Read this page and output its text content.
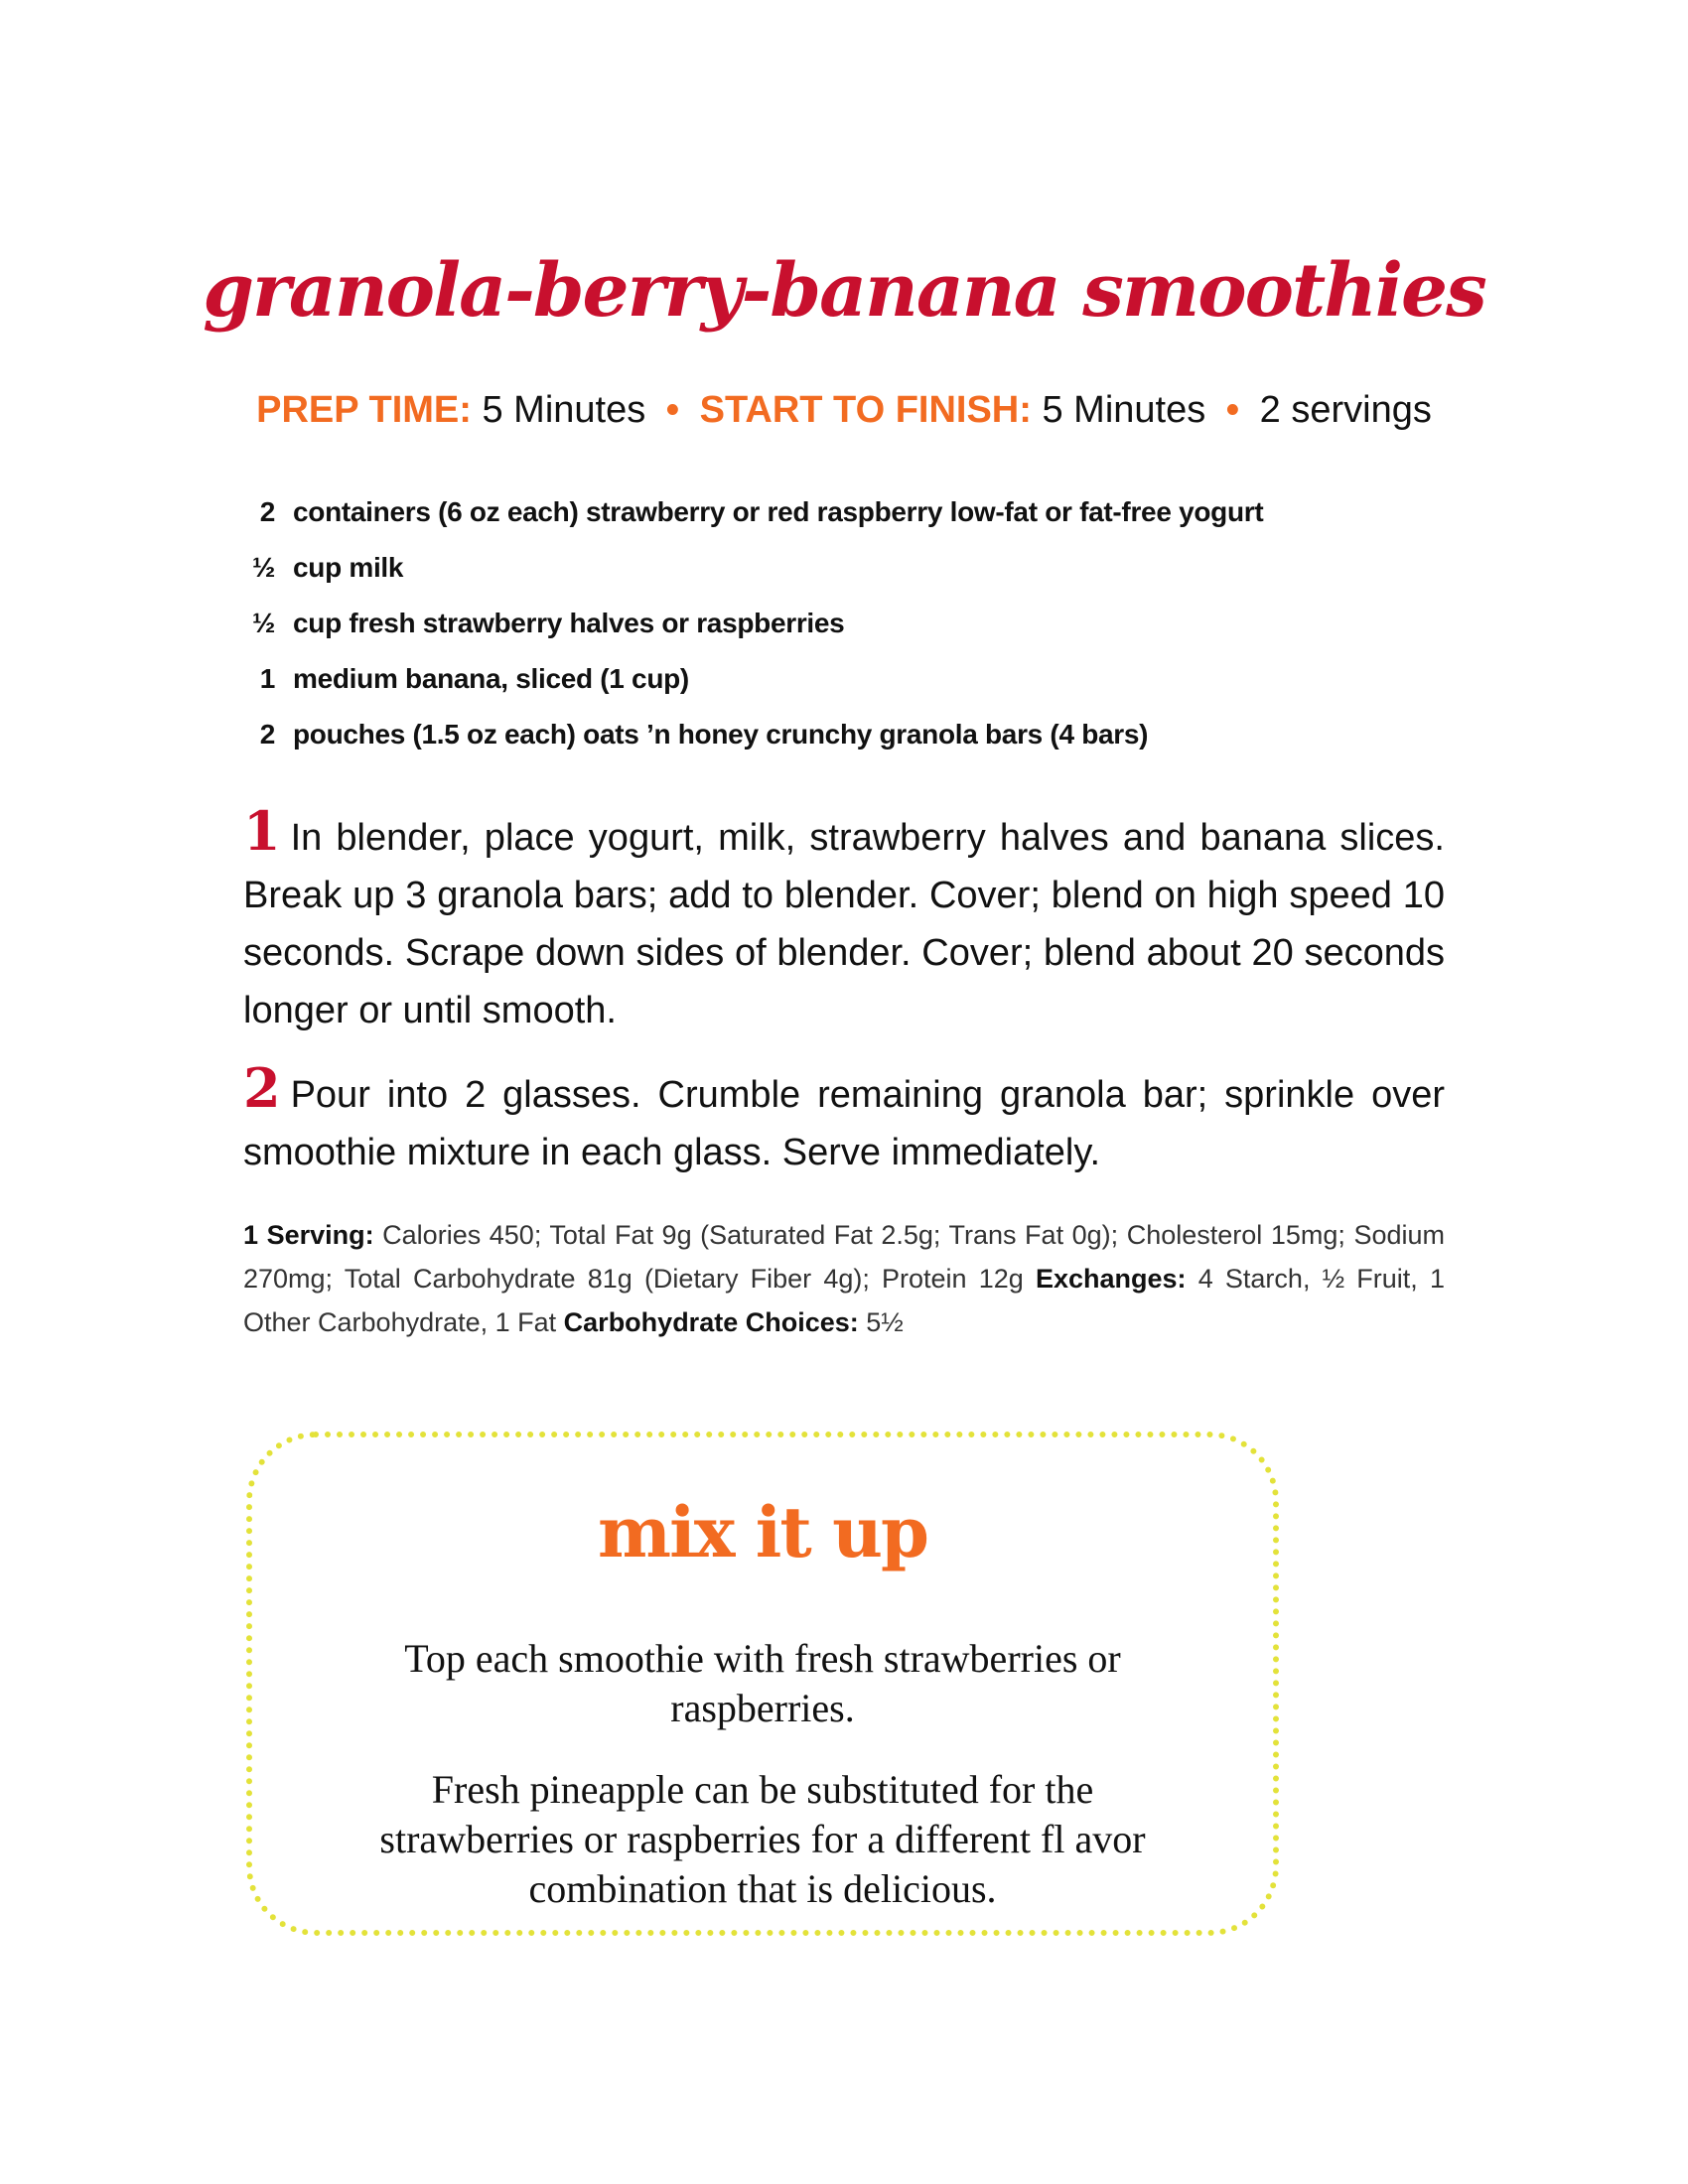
granola-berry-banana smoothies
PREP TIME: 5 Minutes • START TO FINISH: 5 Minutes • 2 servings
2 containers (6 oz each) strawberry or red raspberry low-fat or fat-free yogurt
½ cup milk
½ cup fresh strawberry halves or raspberries
1 medium banana, sliced (1 cup)
2 pouches (1.5 oz each) oats ’n honey crunchy granola bars (4 bars)

1 In blender, place yogurt, milk, strawberry halves and banana slices. Break up 3 granola bars; add to blender. Cover; blend on high speed 10 seconds. Scrape down sides of blender. Cover; blend about 20 seconds longer or until smooth.

2 Pour into 2 glasses. Crumble remaining granola bar; sprinkle over smoothie mixture in each glass. Serve immediately.

1 Serving: Calories 450; Total Fat 9g (Saturated Fat 2.5g; Trans Fat 0g); Cholesterol 15mg; Sodium 270mg; Total Carbohydrate 81g (Dietary Fiber 4g); Protein 12g Exchanges: 4 Starch, ½ Fruit, 1 Other Carbohydrate, 1 Fat Carbohydrate Choices: 5½
mix it up

Top each smoothie with fresh strawberries or raspberries.

Fresh pineapple can be substituted for the strawberries or raspberries for a different fl avor combination that is delicious.
